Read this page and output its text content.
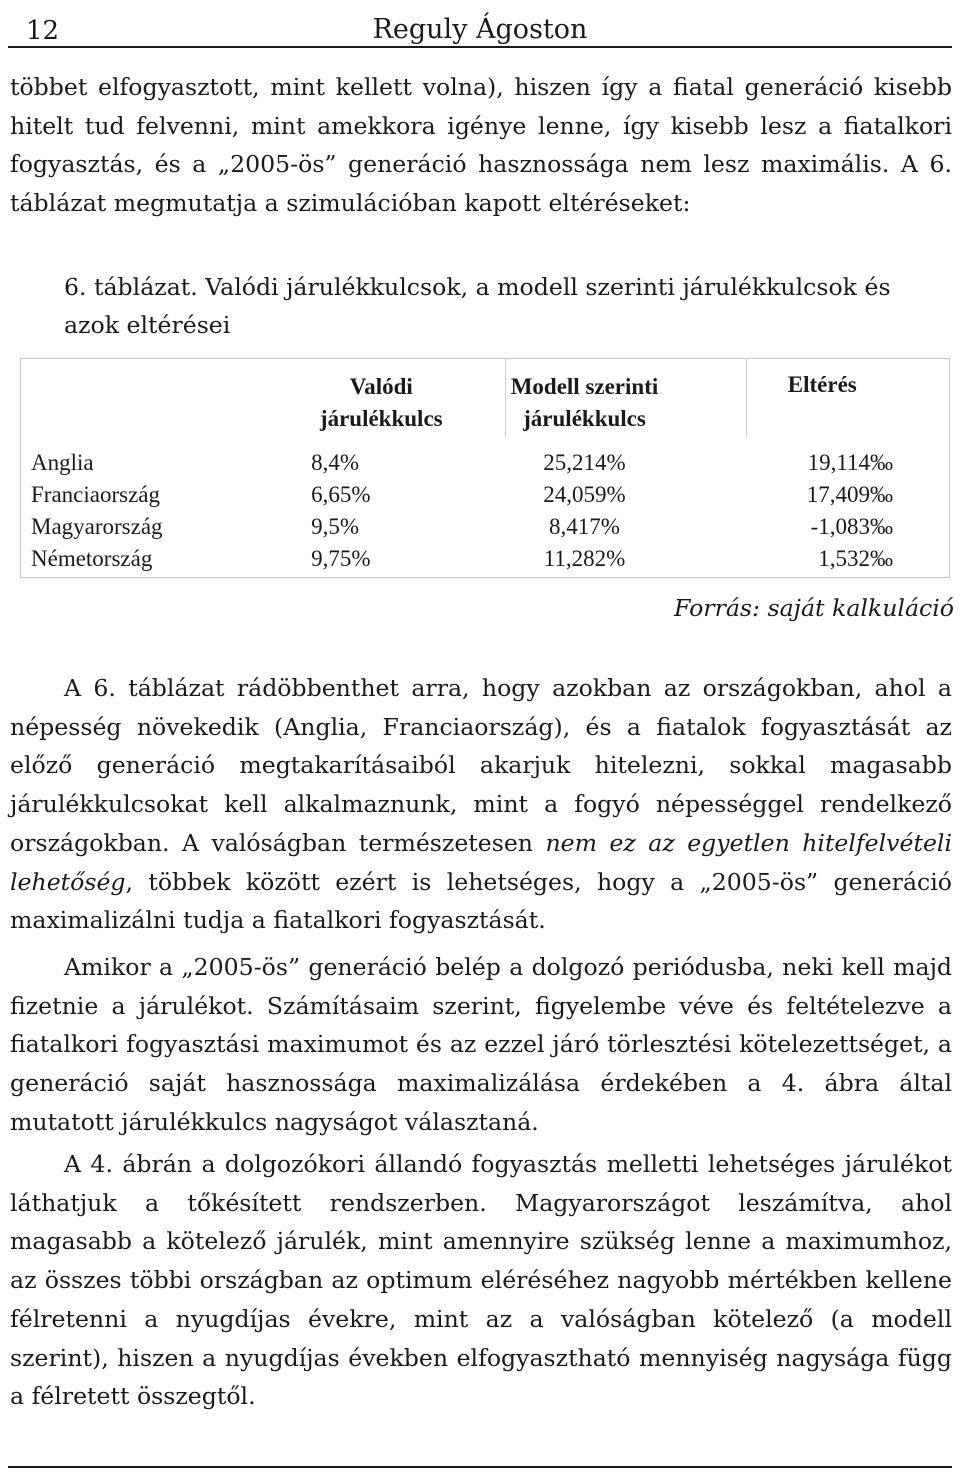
12	Reguly Ágoston

többet elfogyasztott, mint kellett volna), hiszen így a fiatal generáció kisebb hitelt tud felvenni, mint amekkora igénye lenne, így kisebb lesz a fiatalkori fogyasztás, és a „2005-ös” generáció hasznossága nem lesz maximális. A 6. táblázat megmutatja a szimulációban kapott eltéréseket:

6. táblázat. Valódi járulékkulcsok, a modell szerinti járulékkulcsok és azok eltérései

	Valódi járulékkulcs	Modell szerinti járulékkulcs	Eltérés
Anglia	8,4%	25,214%	19,114‰
Franciaország	6,65%	24,059%	17,409‰
Magyarország	9,5%	8,417%	-1,083‰
Németország	9,75%	11,282%	1,532‰
Forrás: saját kalkuláció

A 6. táblázat rádöbbenthet arra, hogy azokban az országokban, ahol a népesség növekedik (Anglia, Franciaország), és a fiatalok fogyasztását az előző generáció megtakarításaiból akarjuk hitelezni, sokkal magasabb járulékkulcsokat kell alkalmaznunk, mint a fogyó népességgel rendelkező országokban. A valóságban természetesen nem ez az egyetlen hitelfelvételi lehetőség, többek között ezért is lehetséges, hogy a „2005-ös” generáció maximalizálni tudja a fiatalkori fogyasztását.

Amikor a „2005-ös” generáció belép a dolgozó periódusba, neki kell majd fizetnie a járulékot. Számításaim szerint, figyelembe véve és feltételezve a fiatalkori fogyasztási maximumot és az ezzel járó törlesztési kötelezettséget, a generáció saját hasznossága maximalizálása érdekében a 4. ábra által mutatott járulékkulcs nagyságot választaná.

A 4. ábrán a dolgozókori állandó fogyasztás melletti lehetséges járulékot láthatjuk a tőkésített rendszerben. Magyarországot leszámítva, ahol magasabb a kötelező járulék, mint amennyire szükség lenne a maximumhoz, az összes többi országban az optimum eléréséhez nagyobb mértékben kellene félretenni a nyugdíjas évekre, mint az a valóságban kötelező (a modell szerint), hiszen a nyugdíjas években elfogyasztható mennyiség nagysága függ a félretett összegtől.
